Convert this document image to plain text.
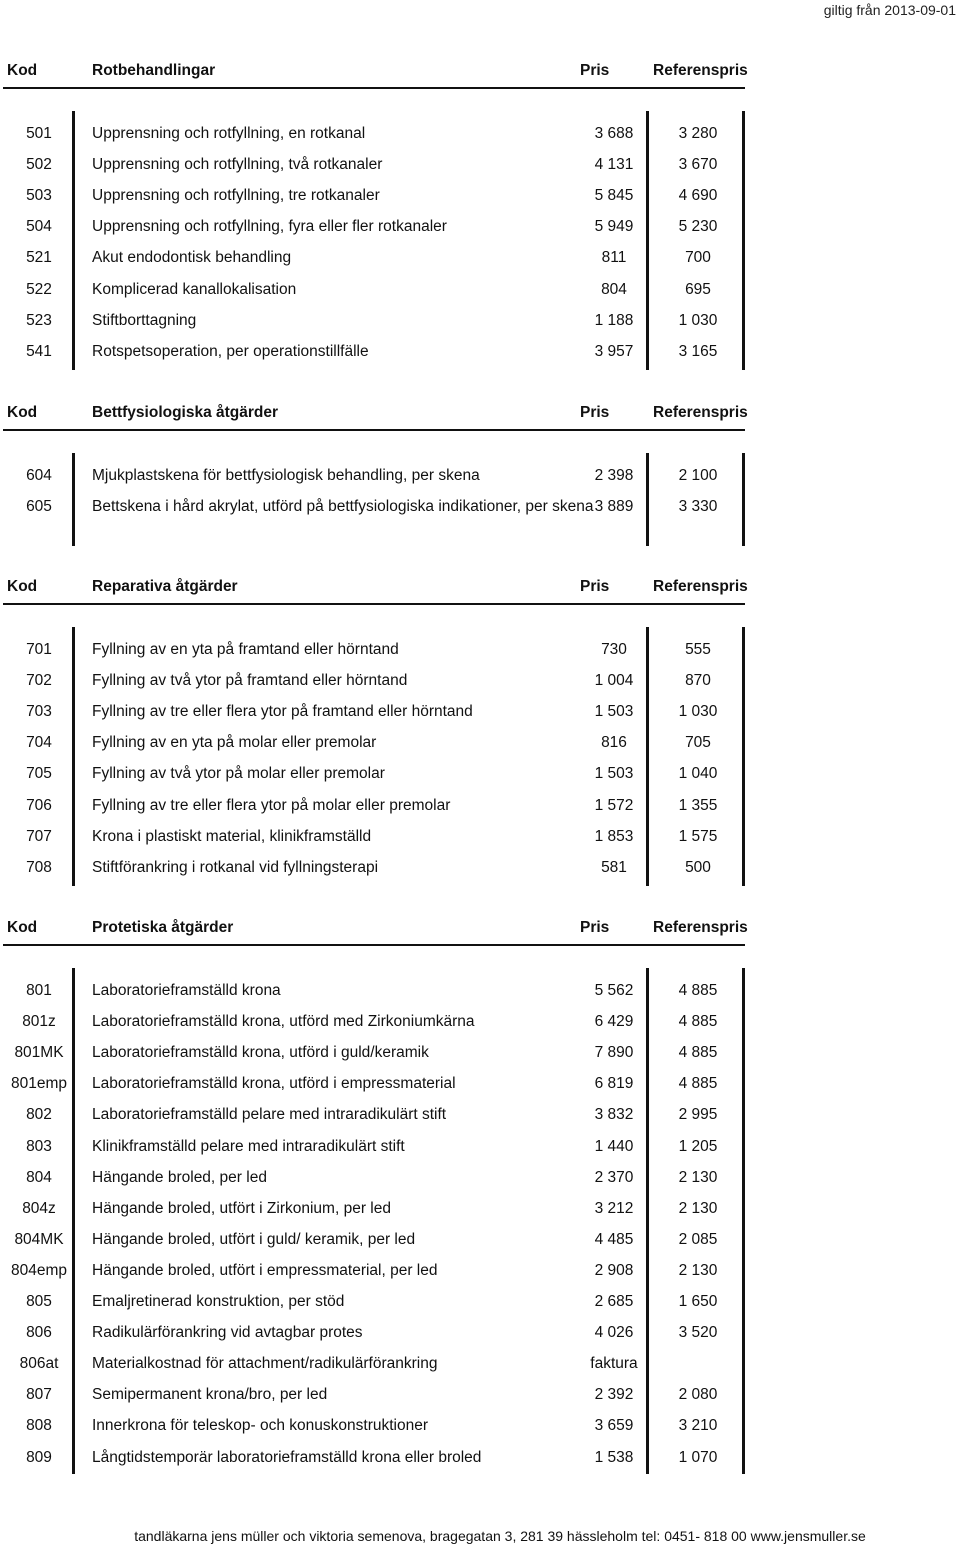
giltig från 2013-09-01
Kod	Rotbehandlingar	Pris	Referenspris
501	Upprensning och rotfyllning, en rotkanal	3 688	3 280
502	Upprensning och rotfyllning, två rotkanaler	4 131	3 670
503	Upprensning och rotfyllning, tre rotkanaler	5 845	4 690
504	Upprensning och rotfyllning, fyra eller fler rotkanaler	5 949	5 230
521	Akut endodontisk behandling	811	700
522	Komplicerad kanallokalisation	804	695
523	Stiftborttagning	1 188	1 030
541	Rotspetsoperation, per operationstillfälle	3 957	3 165
Kod	Bettfysiologiska åtgärder	Pris	Referenspris
604	Mjukplastskena för bettfysiologisk behandling, per skena	2 398	2 100
605	Bettskena i hård akrylat, utförd på bettfysiologiska indikationer, per skena 3 889	3 330
Kod	Reparativa åtgärder	Pris	Referenspris
701	Fyllning av en yta på framtand eller hörntand	730	555
702	Fyllning av två ytor på framtand eller hörntand	1 004	870
703	Fyllning av tre eller flera ytor på framtand eller hörntand	1 503	1 030
704	Fyllning av en yta på molar eller premolar	816	705
705	Fyllning av två ytor på molar eller premolar	1 503	1 040
706	Fyllning av tre eller flera ytor på molar eller premolar	1 572	1 355
707	Krona i plastiskt material, klinikframställd	1 853	1 575
708	Stiftförankring i rotkanal vid fyllningsterapi	581	500
Kod	Protetiska åtgärder	Pris	Referenspris
801	Laboratorieframställd krona	5 562	4 885
801z	Laboratorieframställd krona, utförd med Zirkoniumkärna	6 429	4 885
801MK	Laboratorieframställd krona, utförd i guld/keramik	7 890	4 885
801emp	Laboratorieframställd krona, utförd i empressmaterial	6 819	4 885
802	Laboratorieframställd pelare med intraradikulärt stift	3 832	2 995
803	Klinikframställd pelare med intraradikulärt stift	1 440	1 205
804	Hängande broled, per led	2 370	2 130
804z	Hängande broled, utfört i Zirkonium, per led	3 212	2 130
804MK	Hängande broled, utfört i guld/ keramik, per led	4 485	2 085
804emp	Hängande broled, utfört i empressmaterial, per led	2 908	2 130
805	Emaljretinerad konstruktion, per stöd	2 685	1 650
806	Radikulärförankring vid avtagbar protes	4 026	3 520
806at	Materialkostnad för attachment/radikulärförankring	faktura
807	Semipermanent krona/bro, per led	2 392	2 080
808	Innerkrona för teleskop- och konuskonstruktioner	3 659	3 210
809	Långtidstemporär laboratorieframställd krona eller broled	1 538	1 070
tandläkarna jens müller och viktoria semenova, bragegatan 3, 281 39 hässleholm tel: 0451- 818 00 www.jensmuller.se
